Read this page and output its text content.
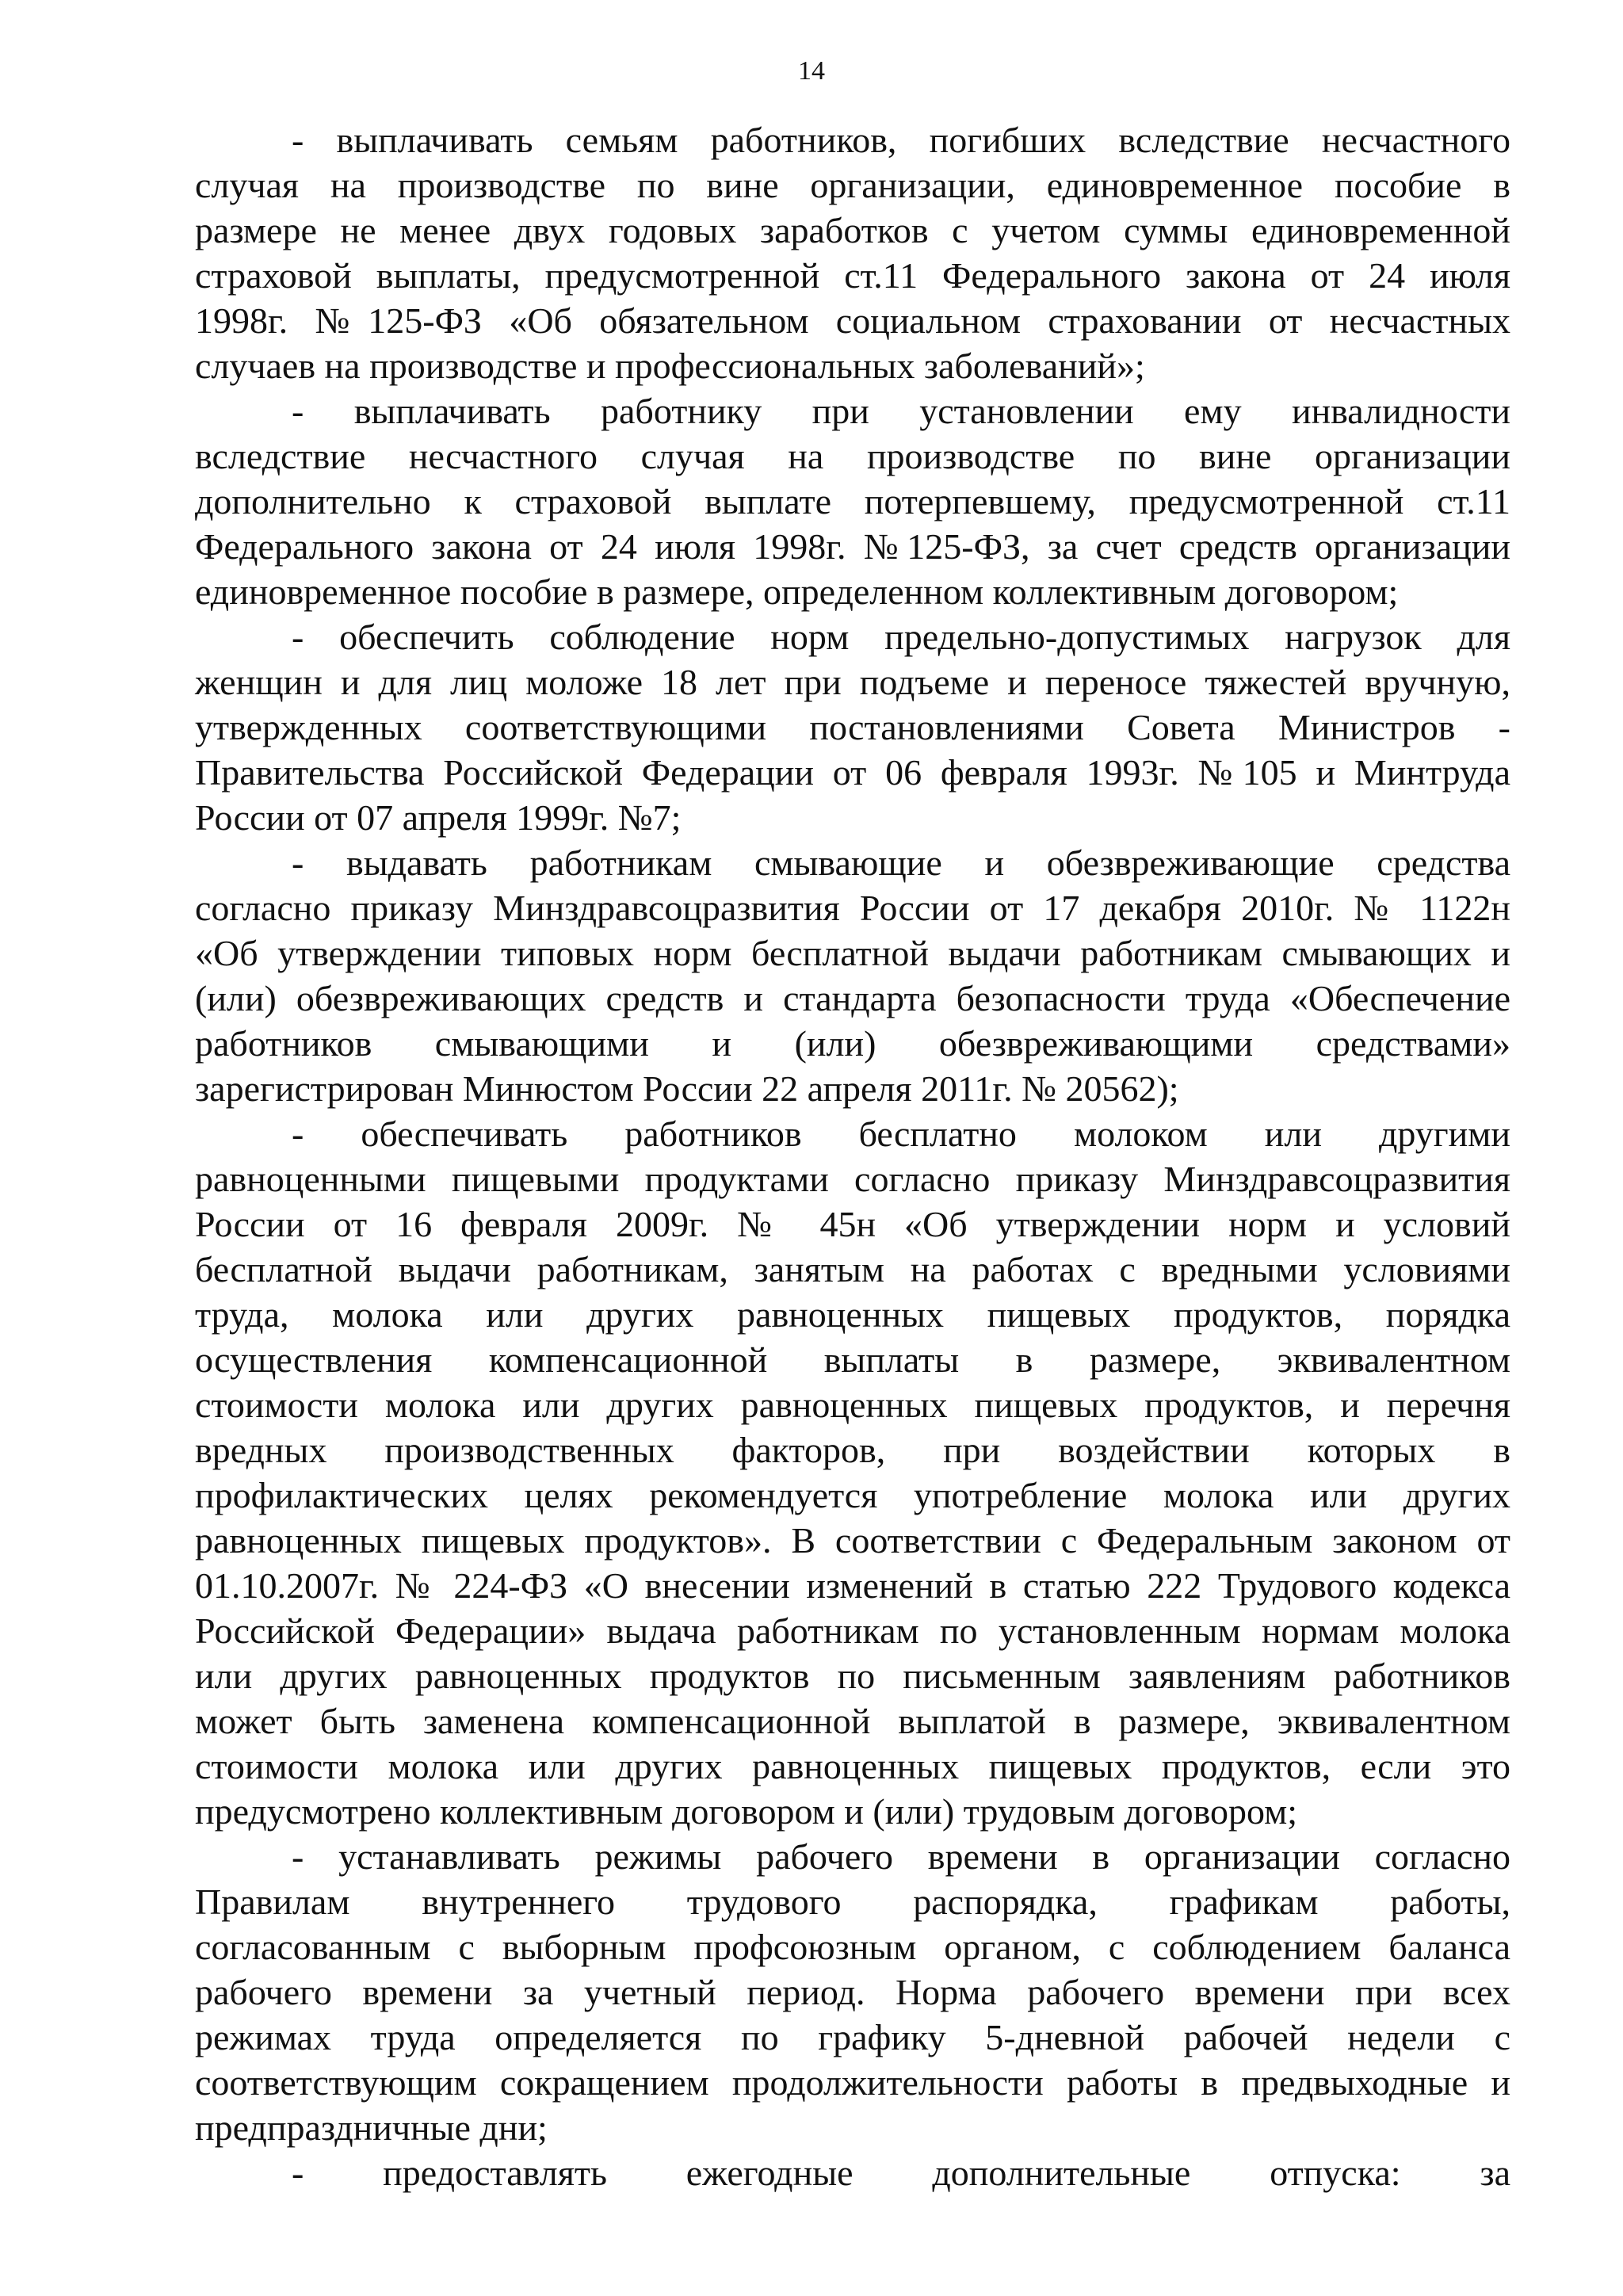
14
- выплачивать семьям работников, погибших вследствие несчастного
случая на производстве по вине организации, единовременное пособие в
размере не менее двух годовых заработков с учетом суммы единовременной
страховой выплаты, предусмотренной ст.11 Федерального закона от 24 июля
1998г. №125-ФЗ «Об обязательном социальном страховании от несчастных
случаев на производстве и профессиональных заболеваний»;
- выплачивать работнику при установлении ему инвалидности
вследствие несчастного случая на производстве по вине организации
дополнительно к страховой выплате потерпевшему, предусмотренной ст.11
Федерального закона от 24 июля 1998г. №125-ФЗ, за счет средств организации
единовременное пособие в размере, определенном коллективным договором;
- обеспечить соблюдение норм предельно-допустимых нагрузок для
женщин и для лиц моложе 18 лет при подъеме и переносе тяжестей вручную,
утвержденных соответствующими постановлениями Совета Министров -
Правительства Российской Федерации от 06 февраля 1993г. №105 и Минтруда
России от 07 апреля 1999г. №7;
- выдавать работникам смывающие и обезвреживающие средства
согласно приказу Минздравсоцразвития России от 17 декабря 2010г. № 1122н
«Об утверждении типовых норм бесплатной выдачи работникам смывающих и
(или) обезвреживающих средств и стандарта безопасности труда «Обеспечение
работников смывающими и (или) обезвреживающими средствами»
зарегистрирован Минюстом России 22 апреля 2011г. № 20562);
- обеспечивать работников бесплатно молоком или другими
равноценными пищевыми продуктами согласно приказу Минздравсоцразвития
России от 16 февраля 2009г. № 45н «Об утверждении норм и условий
бесплатной выдачи работникам, занятым на работах с вредными условиями
труда, молока или других равноценных пищевых продуктов, порядка
осуществления компенсационной выплаты в размере, эквивалентном
стоимости молока или других равноценных пищевых продуктов, и перечня
вредных производственных факторов, при воздействии которых в
профилактических целях рекомендуется употребление молока или других
равноценных пищевых продуктов». В соответствии с Федеральным законом от
01.10.2007г. № 224-ФЗ «О внесении изменений в статью 222 Трудового кодекса
Российской Федерации» выдача работникам по установленным нормам молока
или других равноценных продуктов по письменным заявлениям работников
может быть заменена компенсационной выплатой в размере, эквивалентном
стоимости молока или других равноценных пищевых продуктов, если это
предусмотрено коллективным договором и (или) трудовым договором;
- устанавливать режимы рабочего времени в организации согласно
Правилам внутреннего трудового распорядка, графикам работы,
согласованным с выборным профсоюзным органом, с соблюдением баланса
рабочего времени за учетный период. Норма рабочего времени при всех
режимах труда определяется по графику 5-дневной рабочей недели с
соответствующим сокращением продолжительности работы в предвыходные и
предпраздничные дни;
- предоставлять ежегодные дополнительные отпуска: за
